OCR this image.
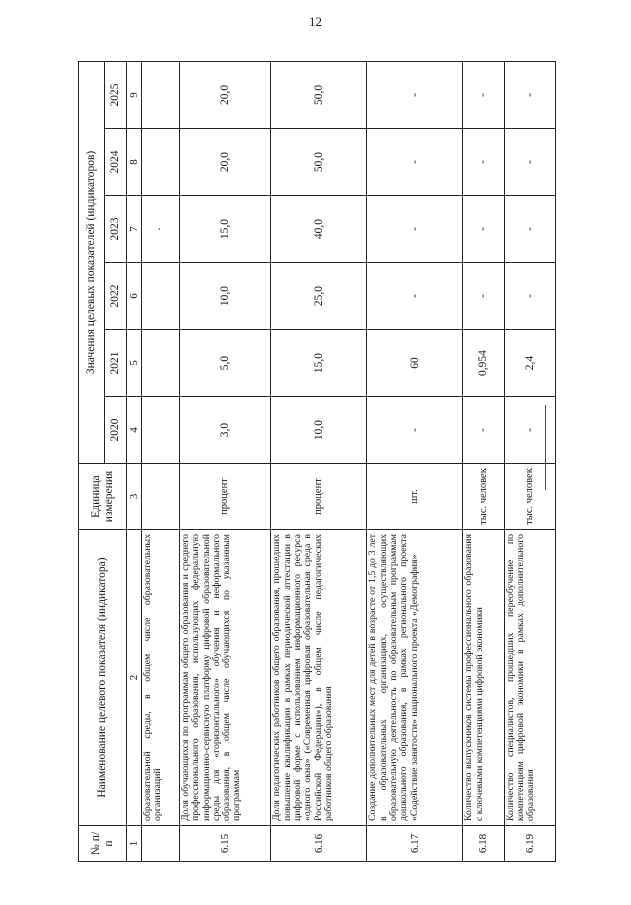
12
№ п/п	Наименование целевого показателя (индикатора)	Единица измерения	Значения целевых показателей (индикаторов)					
			2020	2021	2022	2023	2024	2025
1	2	3	4	5	6	7	8	9
	образовательной среды, в общем числе образовательных организаций					·		
6.15	Доля обучающихся по программам общего образования и среднего профессионального образования, использующих федеральную информационно-сервисную платформу цифровой образовательной среды для «горизонтального» обучения и неформального образования, в общем числе обучающихся по указанным программам	процент	3,0	5,0	10,0	15,0	20,0	20,0
6.16	Доля педагогических работников общего образования, прошедших повышение квалификации в рамках периодической аттестации в цифровой форме с использованием информационного ресурса «одного окна» («Современная цифровая образовательная среда в Российской Федерации»), в общем числе педагогических работников общего образования	процент	10,0	15,0	25,0	40,0	50,0	50,0
6.17	Создание дополнительных мест для детей в возрасте от 1,5 до 3 лет в образовательных организациях, осуществляющих образовательную деятельность по образовательным программам дошкольного образования, в рамках регионального проекта «Содействие занятости» национального проекта «Демография»	шт.	-	60	-	-	-	-
6.18	Количество выпускников системы профессионального образования с ключевыми компетенциями цифровой экономики	тыс. человек	-	0,954	-	-	-	-
6.19	Количество специалистов, прошедших переобучение по компетенциям цифровой экономики в рамках дополнительного образования	тыс. человек	-	2,4	-	-	-	-
